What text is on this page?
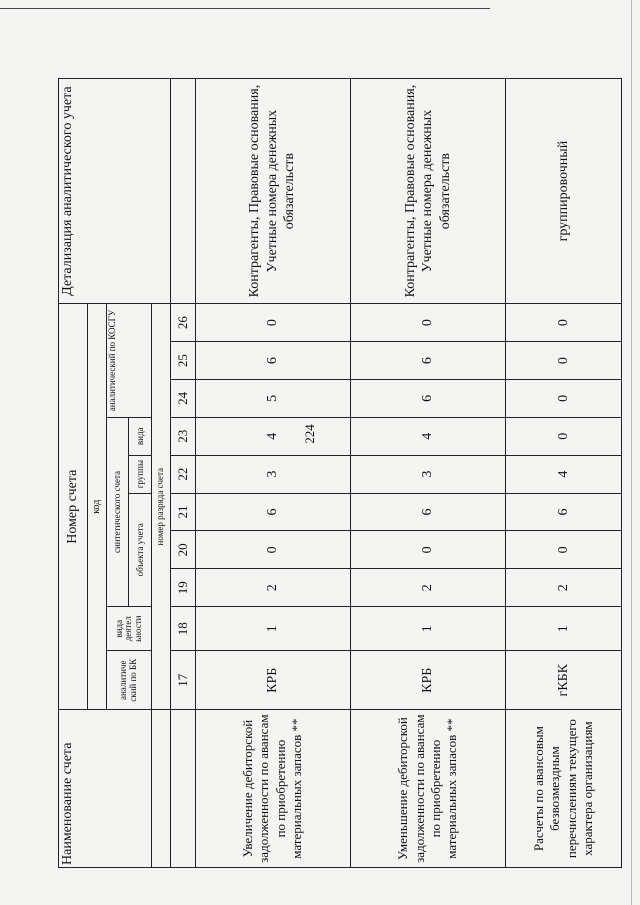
224
Наименование счета	Номер счета										Детализация аналитического учета
	код										
	аналитиче ский по БК	вида деятел ьности	синтетического счета					аналитический по КОСГУ			
			объекта учета			группы	вида				
	номер разряда счета										
	17	18	19	20	21	22	23	24	25	26	
Увеличение дебиторской задолженности по авансам по приобретению материальных запасов **	КРБ	1	2	0	6	3	4	5	6	0	Контрагенты, Правовые основания, Учетные номера денежных обязательств
Уменьшение дебиторской задолженности по авансам по приобретению материальных запасов **	КРБ	1	2	0	6	3	4	6	6	0	Контрагенты, Правовые основания, Учетные номера денежных обязательств
Расчеты по авансовым безвозмездным перечислениям текущего характера организациям	гКБК	1	2	0	6	4	0	0	0	0	группировочный
